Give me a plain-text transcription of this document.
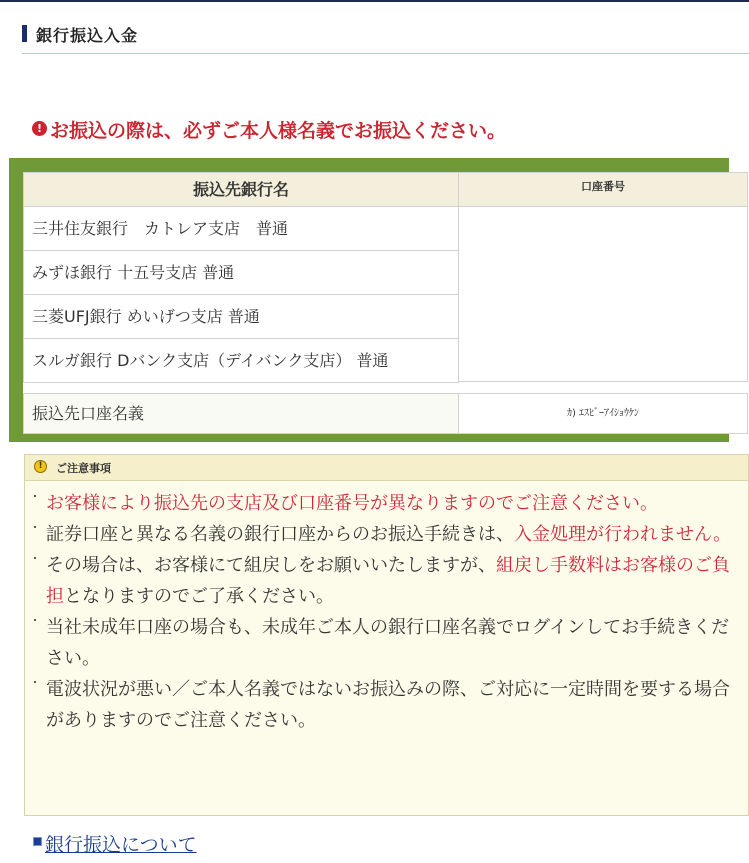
銀行振込入金
! お振込の際は、必ずご本人様名義でお振込ください。
振込先銀行名	口座番号
三井住友銀行　カトレア支店　普通
みずほ銀行 十五号支店 普通
三菱UFJ銀行 めいげつ支店 普通
スルガ銀行 Dバンク支店（デイバンク支店） 普通
振込先口座名義	ｶ) ｴｽﾋﾞｰｱｲｼｮｳｹﾝ
!	ご注意事項
お客様により振込先の支店及び口座番号が異なりますのでご注意ください。
証券口座と異なる名義の銀行口座からのお振込手続きは、入金処理が行われません。
その場合は、お客様にて組戻しをお願いいたしますが、組戻し手数料はお客様のご負担となりますのでご了承ください。
当社未成年口座の場合も、未成年ご本人の銀行口座名義でログインしてお手続きください。
電波状況が悪い／ご本人名義ではないお振込みの際、ご対応に一定時間を要する場合がありますのでご注意ください。
銀行振込について
